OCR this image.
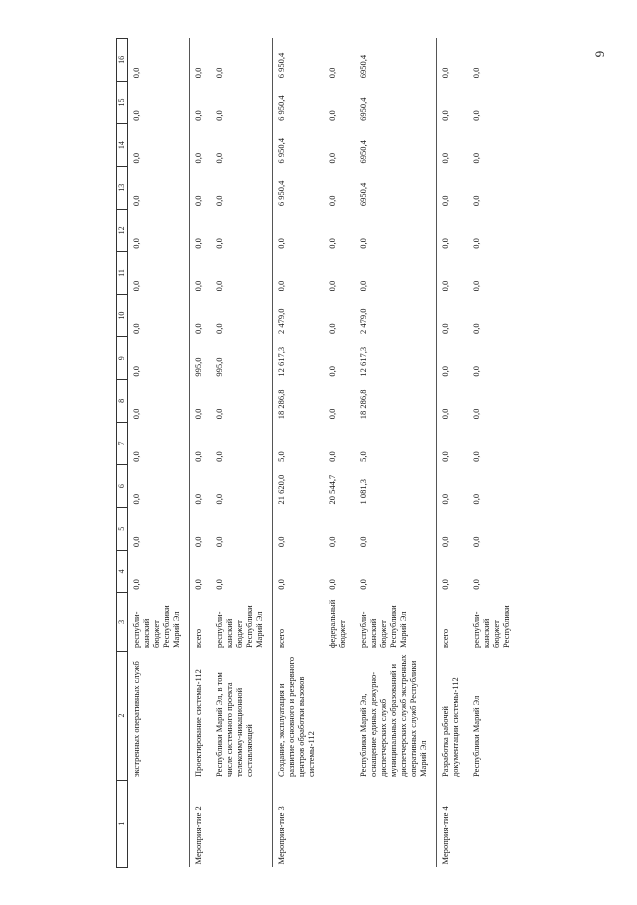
6
1	2	3	4	5	6	7	8	9	10	11	12	13	14	15	16
	экстренных оперативных служб	республи-канский бюджет Республики Марий Эл	0,0	0,0	0,0	0,0	0,0	0,0	0,0	0,0	0,0	0,0	0,0	0,0	0,0
Мероприя-тие 2	Проектирование системы-112	всего	0,0	0,0	0,0	0,0	0,0	995,0	0,0	0,0	0,0	0,0	0,0	0,0	0,0
	Республики Марий Эл, в том числе системного проекта телекомму-никационной составляющей	республи-канский бюджет Республики Марий Эл	0,0	0,0	0,0	0,0	0,0	995,0	0,0	0,0	0,0	0,0	0,0	0,0	0,0
Мероприя-тие 3	Создание, эксплуатация и развитие основного и резервного центров обработки вызовов системы-112	всего	0,0	0,0	21 620,0	5,0	18 286,8	12 617,3	2 479,0	0,0	0,0	6 950,4	6 950,4	6 950,4	6 950,4
		федеральный бюджет	0,0	0,0	20 544,7	0,0	0,0	0,0	0,0	0,0	0,0	0,0	0,0	0,0	0,0
	Республики Марий Эл, оснащение единых дежурно-диспетчерских служб муниципальных образований и диспетчерских служб экстренных оперативных служб Республики Марий Эл	республи-канский бюджет Республики Марий Эл	0,0	0,0	1 081,3	5,0	18 286,8	12 617,3	2 479,0	0,0	0,0	6950,4	6950,4	6950,4	6950,4
Мероприя-тие 4	Разработка рабочей документации системы-112	всего	0,0	0,0	0,0	0,0	0,0	0,0	0,0	0,0	0,0	0,0	0,0	0,0	0,0
	Республики Марий Эл	республи-канский бюджет Республики	0,0	0,0	0,0	0,0	0,0	0,0	0,0	0,0	0,0	0,0	0,0	0,0	0,0
